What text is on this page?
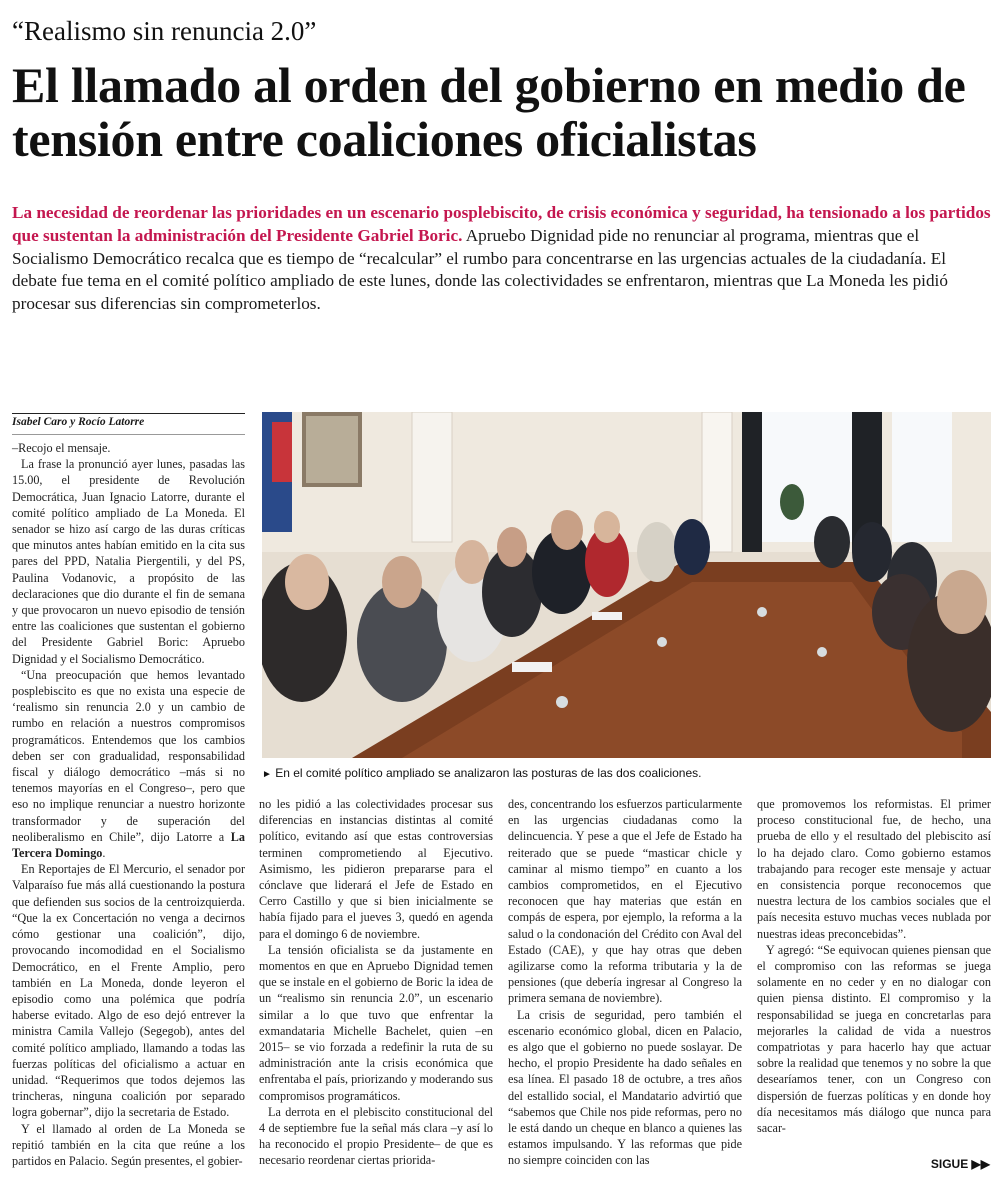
“Realismo sin renuncia 2.0”
El llamado al orden del gobierno en medio de tensión entre coaliciones oficialistas
La necesidad de reordenar las prioridades en un escenario posplebiscito, de crisis económica y seguridad, ha tensionado a los partidos que sustentan la administración del Presidente Gabriel Boric. Apruebo Dignidad pide no renunciar al programa, mientras que el Socialismo Democrático recalca que es tiempo de “recalcular” el rumbo para concentrarse en las urgencias actuales de la ciudadanía. El debate fue tema en el comité político ampliado de este lunes, donde las colectividades se enfrentaron, mientras que La Moneda les pidió procesar sus diferencias sin comprometerlos.
Isabel Caro y Rocío Latorre
► En el comité político ampliado se analizaron las posturas de las dos coaliciones.

–Recojo el mensaje.

La frase la pronunció ayer lunes, pasadas las 15.00, el presidente de Revolución Democrática, Juan Ignacio Latorre, durante el comité político ampliado de La Moneda. El senador se hizo así cargo de las duras críticas que minutos antes habían emitido en la cita sus pares del PPD, Natalia Piergentili, y del PS, Paulina Vodanovic, a propósito de las declaraciones que dio durante el fin de semana y que provocaron un nuevo episodio de tensión entre las coaliciones que sustentan el gobierno del Presidente Gabriel Boric: Apruebo Dignidad y el Socialismo Democrático.

“Una preocupación que hemos levantado posplebiscito es que no exista una especie de ‘realismo sin renuncia 2.0 y un cambio de rumbo en relación a nuestros compromisos programáticos. Entendemos que los cambios deben ser con gradualidad, responsabilidad fiscal y diálogo democrático –más si no tenemos mayorías en el Congreso–, pero que eso no implique renunciar a nuestro horizonte transformador y de superación del neoliberalismo en Chile”, dijo Latorre a La Tercera Domingo.

En Reportajes de El Mercurio, el senador por Valparaíso fue más allá cuestionando la postura que defienden sus socios de la centroizquierda. “Que la ex Concertación no venga a decirnos cómo gestionar una coalición”, dijo, provocando incomodidad en el Socialismo Democrático, en el Frente Amplio, pero también en La Moneda, donde leyeron el episodio como una polémica que podría haberse evitado. Algo de eso dejó entrever la ministra Camila Vallejo (Segegob), antes del comité político ampliado, llamando a todas las fuerzas políticas del oficialismo a actuar en unidad. “Requerimos que todos dejemos las trincheras, ninguna coalición por separado logra gobernar”, dijo la secretaria de Estado.

Y el llamado al orden de La Moneda se repitió también en la cita que reúne a los partidos en Palacio. Según presentes, el gobier-

no les pidió a las colectividades procesar sus diferencias en instancias distintas al comité político, evitando así que estas controversias terminen comprometiendo al Ejecutivo. Asimismo, les pidieron prepararse para el cónclave que liderará el Jefe de Estado en Cerro Castillo y que si bien inicialmente se había fijado para el jueves 3, quedó en agenda para el domingo 6 de noviembre.

La tensión oficialista se da justamente en momentos en que en Apruebo Dignidad temen que se instale en el gobierno de Boric la idea de un “realismo sin renuncia 2.0”, un escenario similar a lo que tuvo que enfrentar la exmandataria Michelle Bachelet, quien –en 2015– se vio forzada a redefinir la ruta de su administración ante la crisis económica que enfrentaba el país, priorizando y moderando sus compromisos programáticos.

La derrota en el plebiscito constitucional del 4 de septiembre fue la señal más clara –y así lo ha reconocido el propio Presidente– de que es necesario reordenar ciertas priorida-

des, concentrando los esfuerzos particularmente en las urgencias ciudadanas como la delincuencia. Y pese a que el Jefe de Estado ha reiterado que se puede “masticar chicle y caminar al mismo tiempo” en cuanto a los cambios comprometidos, en el Ejecutivo reconocen que hay materias que están en compás de espera, por ejemplo, la reforma a la salud o la condonación del Crédito con Aval del Estado (CAE), y que hay otras que deben agilizarse como la reforma tributaria y la de pensiones (que debería ingresar al Congreso la primera semana de noviembre).

La crisis de seguridad, pero también el escenario económico global, dicen en Palacio, es algo que el gobierno no puede soslayar. De hecho, el propio Presidente ha dado señales en esa línea. El pasado 18 de octubre, a tres años del estallido social, el Mandatario advirtió que “sabemos que Chile nos pide reformas, pero no le está dando un cheque en blanco a quienes las estamos impulsando. Y las reformas que pide no siempre coinciden con las

que promovemos los reformistas. El primer proceso constitucional fue, de hecho, una prueba de ello y el resultado del plebiscito así lo ha dejado claro. Como gobierno estamos trabajando para recoger este mensaje y actuar en consistencia porque reconocemos que nuestra lectura de los cambios sociales que el país necesita estuvo muchas veces nublada por nuestras ideas preconcebidas”.

Y agregó: “Se equivocan quienes piensan que el compromiso con las reformas se juega solamente en no ceder y en no dialogar con quien piensa distinto. El compromiso y la responsabilidad se juega en concretarlas para mejorarles la calidad de vida a nuestros compatriotas y para hacerlo hay que actuar sobre la realidad que tenemos y no sobre la que desearíamos tener, con un Congreso con dispersión de fuerzas políticas y en donde hoy día necesitamos más diálogo que nunca para sacar-

SIGUE ▶▶
